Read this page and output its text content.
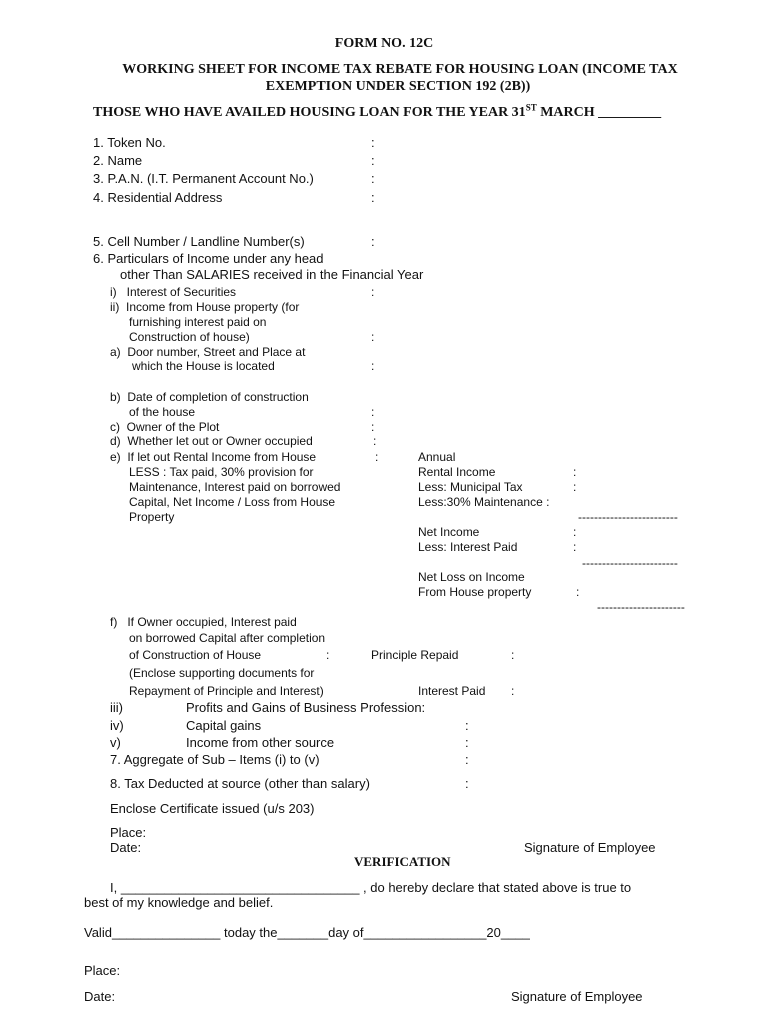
FORM NO. 12C
WORKING SHEET FOR INCOME TAX REBATE FOR HOUSING LOAN (INCOME TAX
EXEMPTION UNDER SECTION 192 (2B))
THOSE WHO HAVE AVAILED HOUSING LOAN FOR THE YEAR 31ST MARCH _________
1. Token No.	:
2. Name	:
3. P.A.N. (I.T. Permanent Account No.)	:
4. Residential Address	:
5. Cell Number / Landline Number(s)	:
6. Particulars of Income under any head
other Than SALARIES received in the Financial Year
i)   Interest of Securities	:
ii)  Income from House property (for
furnishing interest paid on
Construction of house)	:
a)  Door number, Street and Place at
which the House is located	:
b)  Date of completion of construction
of the house	:
c)  Owner of the Plot	:
d)  Whether let out or Owner occupied	:
e)  If let out Rental Income from House	:
LESS : Tax paid, 30% provision for
Maintenance, Interest paid on borrowed
Capital, Net Income / Loss from House
Property
Annual
Rental Income	:
Less: Municipal Tax	:
Less:30% Maintenance :
-------------------------
Net Income	:
Less: Interest Paid	:
------------------------
Net Loss on Income
From House property	:
----------------------
f)   If Owner occupied, Interest paid
on borrowed Capital after completion
of Construction of House	:	Principle Repaid	:
(Enclose supporting documents for
Repayment of Principle and Interest)	Interest Paid :
iii)	Profits and Gains of Business Profession:
iv)	Capital gains	:
v)	Income from other source	:
7. Aggregate of Sub – Items (i) to (v)	:
8. Tax Deducted at source (other than salary)	:
Enclose Certificate issued (u/s 203)
Place:
Date:	Signature of Employee
VERIFICATION
I, _________________________________ , do hereby declare that stated above is true to
best of my knowledge and belief.
Valid_______________ today the_______day of_________________20____
Place:
Date:	Signature of Employee
